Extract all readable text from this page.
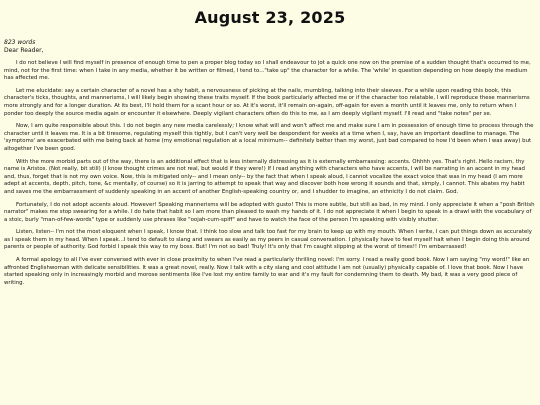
August 23, 2025
823 words
Dear Reader,

I do not believe I will find myself in presence of enough time to pen a proper blog today so I shall endeavour to jot a quick one now on the premise of a sudden thought that's occurred to me, mind, not for the first time: when I take in any media, whether it be written or filmed, I tend to..."take up" the character for a while. The 'while' in question depending on how deeply the medium has affected me.

Let me elucidate: say a certain character of a novel has a shy habit, a nervousness of picking at the nails, mumbling, talking into their sleeves. For a while upon reading this book, this character's ticks, thoughts, and mannerisms, I will likely begin showing these traits myself. If the book particularly affected me or if the character too relatable, I will reproduce these mannerisms more strongly and for a longer duration. At its best, I'll hold them for a scant hour or so. At it's worst, it'll remain on-again, off-again for even a month until it leaves me, only to return when I ponder too deeply the source media again or encounter it elsewhere. Deeply vigilant characters often do this to me, as I am deeply vigilant myself. I'll read and "take notes" per se.

Now, I am quite responsible about this. I do not begin any new media carelessly; I know what will and won't affect me and make sure I am in possession of enough time to process through the character until it leaves me. It is a bit tiresome, regulating myself this tightly, but I can't very well be despondent for weeks at a time when I, say, have an important deadline to manage. The 'symptoms' are exacerbated with me being back at home (my emotional regulation at a local minimum-- definitely better than my worst, just bad compared to how I'd been when I was away) but altogether I've been good.

With the more morbid parts out of the way, there is an additional effect that is less internally distressing as it is externally embarrassing: accents. Ohhhh yes. That's right. Hello racism, thy name is Aristos. (Not really, bit still) (I know thought crimes are not real, but would if they were!) If I read anything with characters who have accents, I will be narrating in an accent in my head and, thus, forget that is not my own voice. Now, this is mitigated only-- and I mean only-- by the fact that when I speak aloud, I cannot vocalize the exact voice that was in my head (I am more adept at accents, depth, pitch, tone, &c mentally, of course) so it is jarring to attempt to speak that way and discover both how wrong it sounds and that, simply, I cannot. This abates my habit and saves me the embarrassment of suddenly speaking in an accent of another English-speaking country or, and I shudder to imagine, an ethnicity I do not claim. God.

Fortunately, I do not adopt accents aloud. However! Speaking mannerisms will be adopted with gusto! This is more subtle, but still as bad, in my mind. I only appreciate it when a "posh British narrator" makes me stop swearing for a while. I do hate that habit so I am more than pleased to wash my hands of it. I do not appreciate it when I begin to speak in a drawl with the vocabulary of a stoic, burly "man-of-few-words" type or suddenly use phrases like "oojah-cum-spiff" and have to watch the face of the person I'm speaking with visibly shutter.

Listen, listen-- I'm not the most eloquent when I speak, I know that. I think too slow and talk too fast for my brain to keep up with my mouth. When I write, I can put things down as accurately as I speak them in my head. When I speak...I tend to default to slang and swears as easily as my peers in casual conversation. I physically have to feel myself halt when I begin doing this around parents or people of authority. God forbid I speak this way to my boss. But! I'm not so bad! Truly! It's only that I'm caught slipping at the worst of times!! I'm embarrassed!

A formal apology to all I've ever conversed with ever in close proximity to when I've read a particularly thrilling novel: I'm sorry. I read a really good book. Now I am saying "my word!" like an affronted Englishwoman with delicate sensibilities. It was a great novel, really. Now I talk with a city slang and cool attitude I am not (usually) physically capable of. I love that book. Now I have started speaking only in increasingly morbid and morose sentiments like I've lost my entire family to war and it's my fault for condemning them to death. My bad, it was a very good piece of writing.
